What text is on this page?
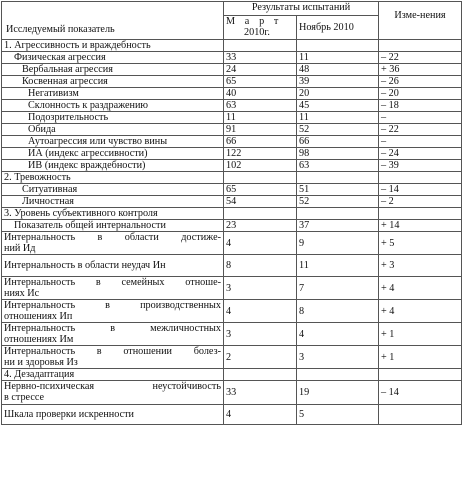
Исследуемый показатель	Результаты испытаний		Изме-нения

	М а р т
2010г.	Ноябрь 2010	
1. Агрессивность и враждебность			
Физическая агрессия	33	11	– 22
Вербальная агрессия	24	48	+ 36
Косвенная агрессия	65	39	– 26
Негативизм	40	20	– 20
Склонность к раздражению	63	45	– 18
Подозрительность	11	11	–
Обида	91	52	– 22
Аутоагрессия или чувство вины	66	66	–
ИА (индекс агрессивности)	122	98	– 24
ИВ (индекс враждебности)	102	63	– 39
2. Тревожность			
Ситуативная	65	51	– 14
Личностная	54	52	– 2
3. Уровень субъективного контроля			
Показатель общей интернальности	23	37	+ 14

Интернальность в области достиже-
ний Ид	4	9	+ 5
Интернальность в области неудач Ин	8	11	+ 3

Интернальность в семейных отноше-
ниях Ис	3	7	+ 4

Интернальность в производственных
отношениях Ип	4	8	+ 4

Интернальность в межличностных
отношениях Им	3	4	+ 1

Интернальность в отношении болез-
ни и здоровья Из	2	3	+ 1
4. Дезадаптация			

Нервно-психическая неустойчивость
в стрессе	33	19	– 14
Шкала проверки искренности	4	5	
